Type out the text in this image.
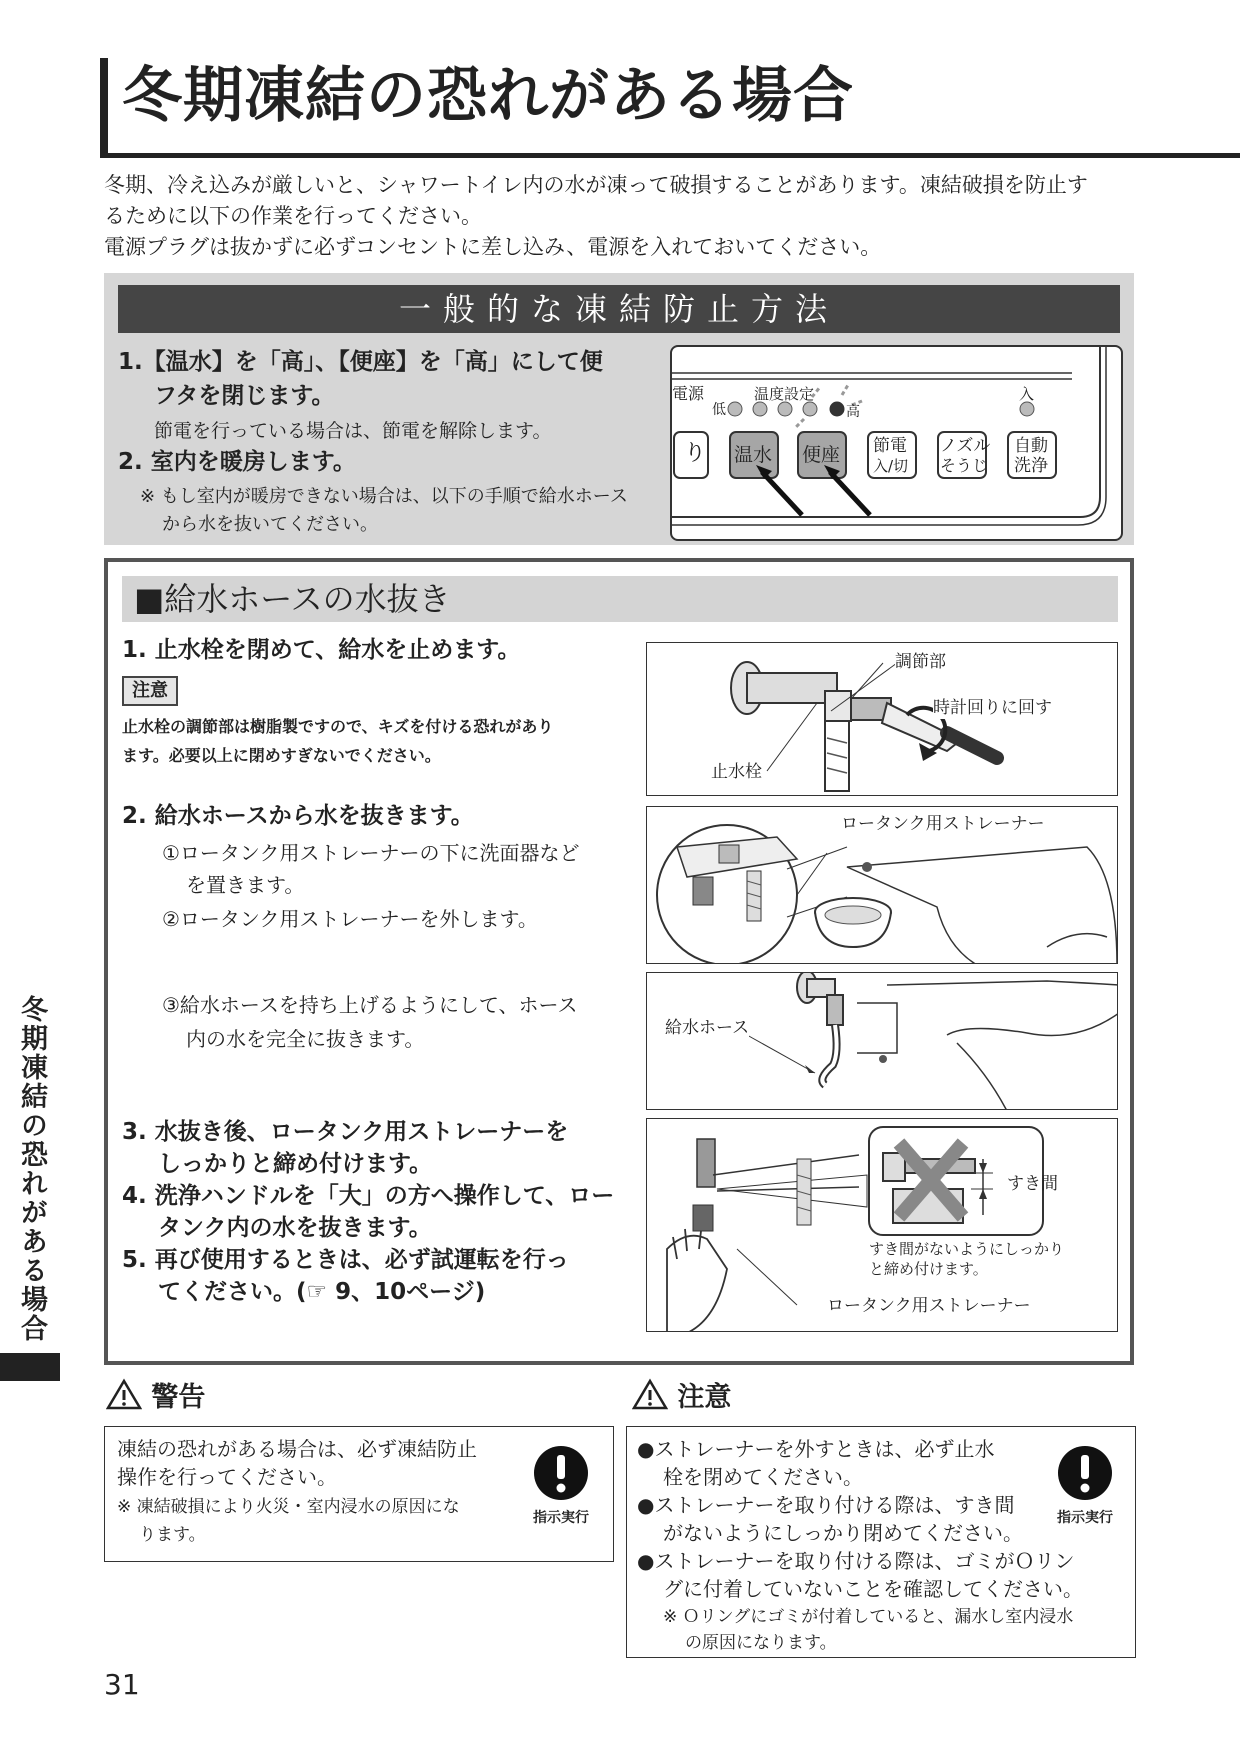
冬期凍結の恐れがある場合
冬期、冷え込みが厳しいと、シャワートイレ内の水が凍って破損することがあります。凍結破損を防止す
るために以下の作業を行ってください。
電源プラグは抜かずに必ずコンセントに差し込み、電源を入れておいてください。
一般的な凍結防止方法
1.【温水】を「高」、【便座】を「高」にして便
フタを閉じます。
節電を行っている場合は、節電を解除します。
2. 室内を暖房します。
※ もし室内が暖房できない場合は、以下の手順で給水ホース
から水を抜いてください。
電源	温度設定
低	高
入
り 温水 便座 節電
入/切
ノズル
そうじ
自動
洗浄
■給水ホースの水抜き
1. 止水栓を閉めて、給水を止めます。
注意
止水栓の調節部は樹脂製ですので、キズを付ける恐れがあり
ます。必要以上に閉めすぎないでください。
2. 給水ホースから水を抜きます。
①ロータンク用ストレーナーの下に洗面器など
を置きます。
②ロータンク用ストレーナーを外します。
③給水ホースを持ち上げるようにして、ホース
内の水を完全に抜きます。
3. 水抜き後、ロータンク用ストレーナーを
しっかりと締め付けます。
4. 洗浄ハンドルを「大」の方へ操作して、ロー
タンク内の水を抜きます。
5. 再び使用するときは、必ず試運転を行っ
てください。(☞ 9、10ページ)
調節部
時計回りに回す
止水栓
ロータンク用ストレーナー
給水ホース
すき間
すき間がないようにしっかり
と締め付けます。
ロータンク用ストレーナー
冬期凍結の恐れがある場合
警告
凍結の恐れがある場合は、必ず凍結防止
操作を行ってください。
※ 凍結破損により火災・室内浸水の原因にな
ります。
指示実行
注意
●ストレーナーを外すときは、必ず止水
栓を閉めてください。
●ストレーナーを取り付ける際は、すき間
がないようにしっかり閉めてください。
●ストレーナーを取り付ける際は、ゴミがＯリン
グに付着していないことを確認してください。
※ Ｏリングにゴミが付着していると、漏水し室内浸水
の原因になります。
指示実行
31
